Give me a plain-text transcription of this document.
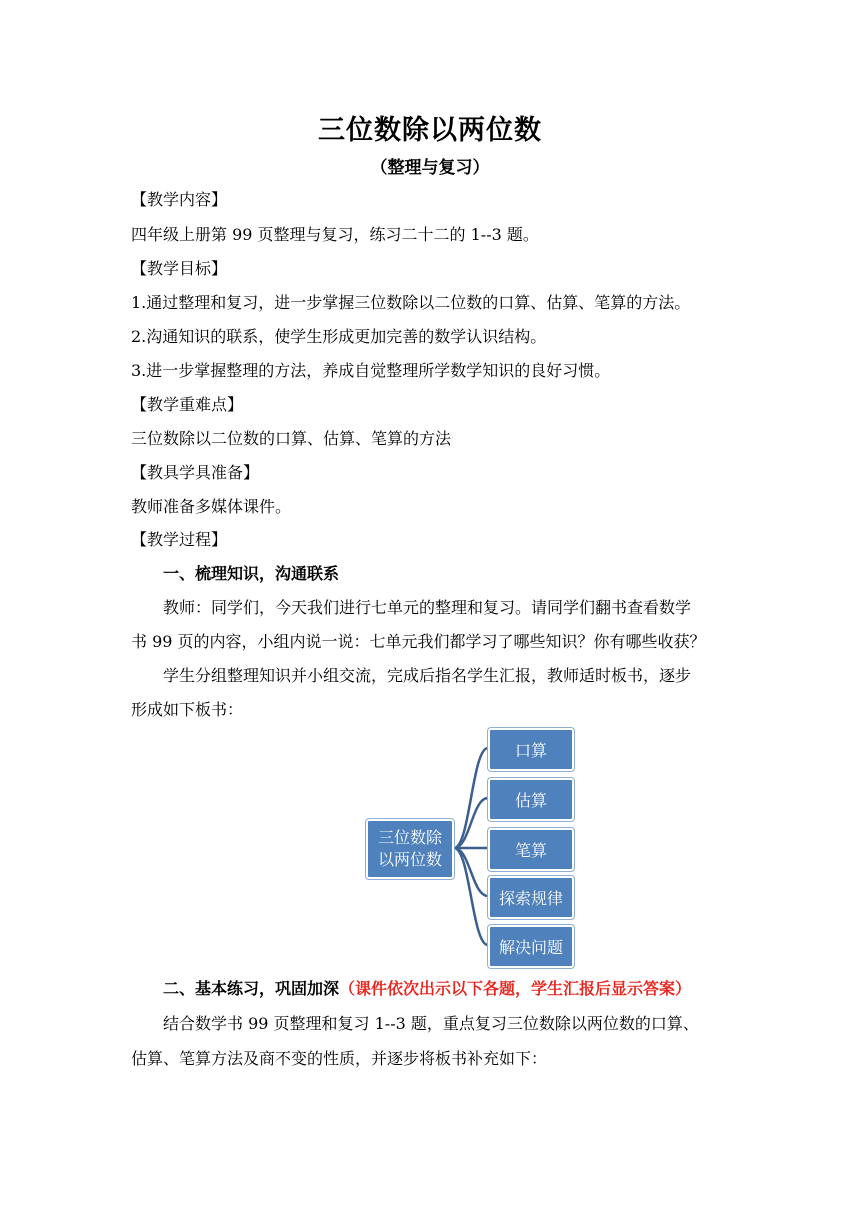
三位数除以两位数
（整理与复习）
【教学内容】
四年级上册第 99 页整理与复习，练习二十二的 1--3 题。
【教学目标】
1.通过整理和复习，进一步掌握三位数除以二位数的口算、估算、笔算的方法。
2.沟通知识的联系，使学生形成更加完善的数学认识结构。
3.进一步掌握整理的方法，养成自觉整理所学数学知识的良好习惯。
【教学重难点】
三位数除以二位数的口算、估算、笔算的方法
【教具学具准备】
教师准备多媒体课件。
【教学过程】
一、梳理知识，沟通联系
教师：同学们，今天我们进行七单元的整理和复习。请同学们翻书查看数学
书 99 页的内容，小组内说一说：七单元我们都学习了哪些知识？你有哪些收获？
学生分组整理知识并小组交流，完成后指名学生汇报，教师适时板书，逐步
形成如下板书：
三位数除
以两位数
口算
估算
笔算
探索规律
解决问题
二、基本练习，巩固加深（课件依次出示以下各题，学生汇报后显示答案）
结合数学书 99 页整理和复习 1--3 题，重点复习三位数除以两位数的口算、
估算、笔算方法及商不变的性质，并逐步将板书补充如下：
